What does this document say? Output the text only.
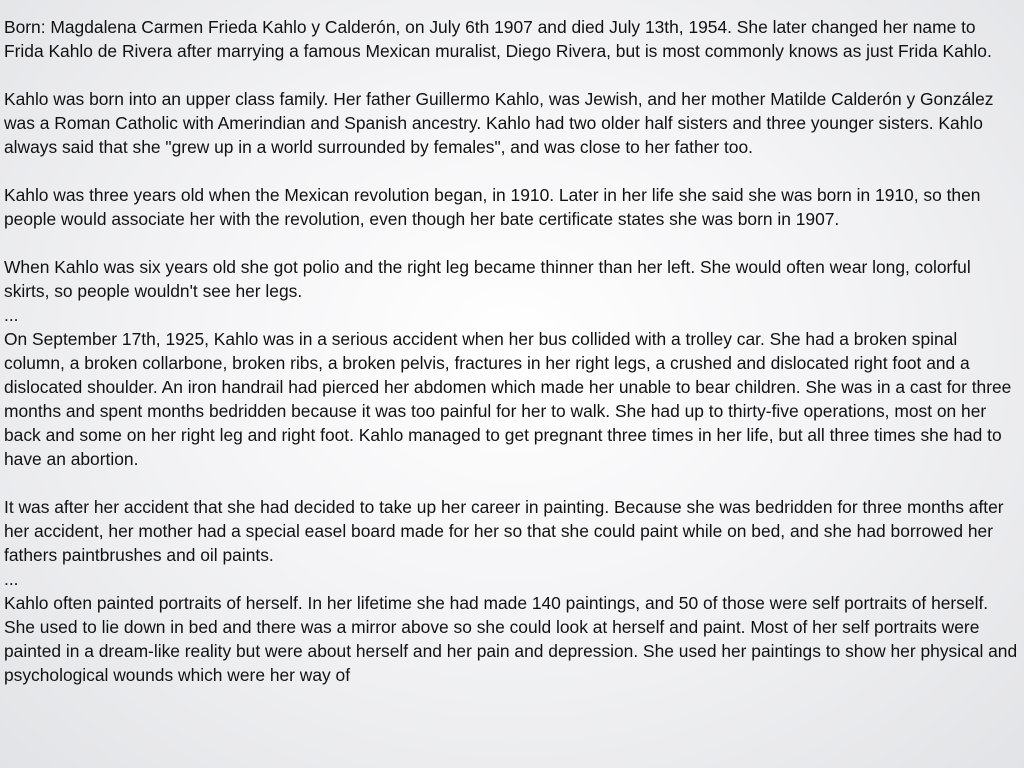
Born: Magdalena Carmen Frieda Kahlo y Calderón, on July 6th 1907 and died July 13th, 1954. She later changed her name to Frida Kahlo de Rivera after marrying a famous Mexican muralist, Diego Rivera, but is most commonly knows as just Frida Kahlo.

Kahlo was born into an upper class family. Her father Guillermo Kahlo, was Jewish, and her mother Matilde Calderón y González was a Roman Catholic with Amerindian and Spanish ancestry. Kahlo had two older half sisters and three younger sisters. Kahlo always said that she "grew up in a world surrounded by females", and was close to her father too.

Kahlo was three years old when the Mexican revolution began, in 1910. Later in her life she said she was born in 1910, so then people would associate her with the revolution, even though her bate certificate states she was born in 1907.

When Kahlo was six years old she got polio and the right leg became thinner than her left. She would often wear long, colorful skirts, so people wouldn't see her legs.

...

On September 17th, 1925, Kahlo was in a serious accident when her bus collided with a trolley car. She had a broken spinal column, a broken collarbone, broken ribs, a broken pelvis, fractures in her right legs, a crushed and dislocated right foot and a dislocated shoulder. An iron handrail had pierced her abdomen which made her unable to bear children. She was in a cast for three months and spent months bedridden because it was too painful for her to walk. She had up to thirty-five operations, most on her back and some on her right leg and right foot. Kahlo managed to get pregnant three times in her life, but all three times she had to have an abortion.

It was after her accident that she had decided to take up her career in painting. Because she was bedridden for three months after her accident, her mother had a special easel board made for her so that she could paint while on bed, and she had borrowed her fathers paintbrushes and oil paints.

...

Kahlo often painted portraits of herself. In her lifetime she had made 140 paintings, and 50 of those were self portraits of herself. She used to lie down in bed and there was a mirror above so she could look at herself and paint. Most of her self portraits were painted in a dream-like reality but were about herself and her pain and depression. She used her paintings to show her physical and psychological wounds which were her way of
